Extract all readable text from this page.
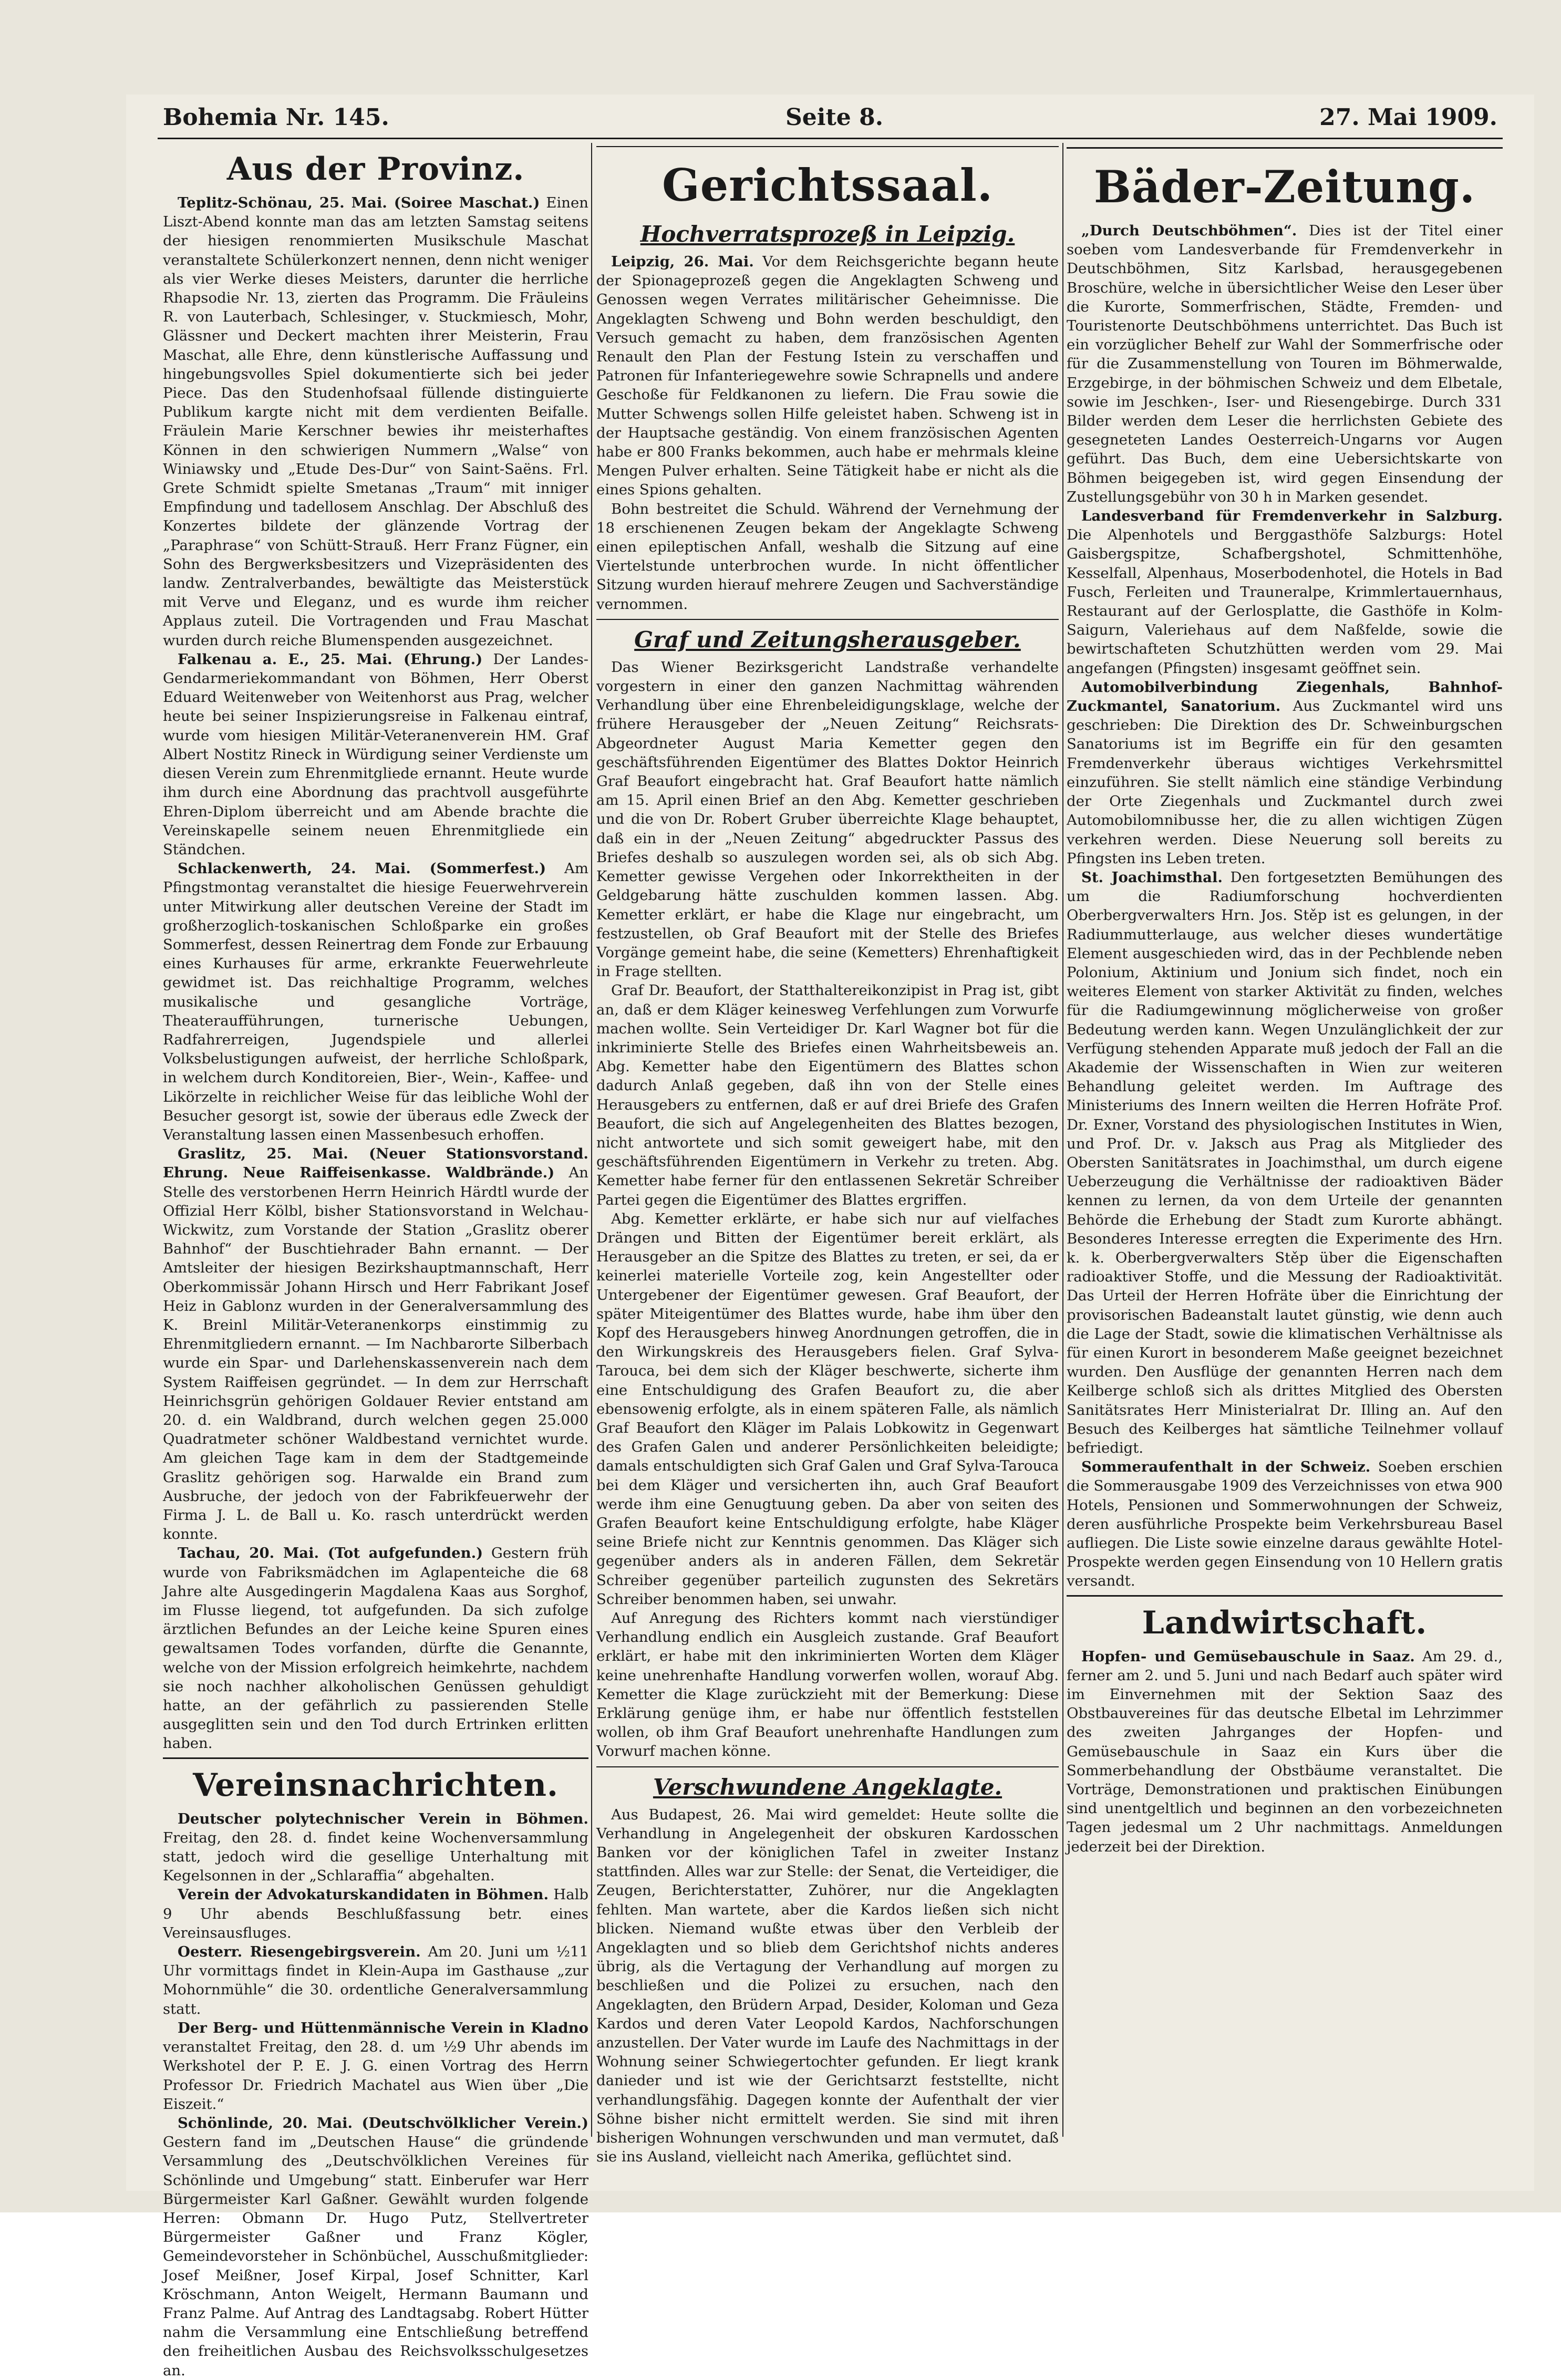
Bohemia Nr. 145.	Seite 8.	27. Mai 1909.
Aus der Provinz.

Teplitz-Schönau, 25. Mai. (Soiree Maschat.) Einen Liszt-Abend konnte man das am letzten Samstag seitens der hiesigen renommierten Musikschule Maschat veranstaltete Schülerkonzert nennen, denn nicht weniger als vier Werke dieses Meisters, darunter die herrliche Rhapsodie Nr. 13, zierten das Programm. Die Fräuleins R. von Lauterbach, Schlesinger, v. Stuckmiesch, Mohr, Glässner und Deckert machten ihrer Meisterin, Frau Maschat, alle Ehre, denn künstlerische Auffassung und hingebungsvolles Spiel dokumentierte sich bei jeder Piece. Das den Studenhofsaal füllende distinguierte Publikum kargte nicht mit dem verdienten Beifalle. Fräulein Marie Kerschner bewies ihr meisterhaftes Können in den schwierigen Nummern „Walse“ von Winiawsky und „Etude Des-Dur“ von Saint-Saëns. Frl. Grete Schmidt spielte Smetanas „Traum“ mit inniger Empfindung und tadellosem Anschlag. Der Abschluß des Konzertes bildete der glänzende Vortrag der „Paraphrase“ von Schütt-Strauß. Herr Franz Fügner, ein Sohn des Bergwerksbesitzers und Vizepräsidenten des landw. Zentralverbandes, bewältigte das Meisterstück mit Verve und Eleganz, und es wurde ihm reicher Applaus zuteil. Die Vortragenden und Frau Maschat wurden durch reiche Blumenspenden ausgezeichnet.

Falkenau a. E., 25. Mai. (Ehrung.) Der Landes-Gendarmeriekommandant von Böhmen, Herr Oberst Eduard Weitenweber von Weitenhorst aus Prag, welcher heute bei seiner Inspizierungsreise in Falkenau eintraf, wurde vom hiesigen Militär-Veteranenverein HM. Graf Albert Nostitz Rineck in Würdigung seiner Verdienste um diesen Verein zum Ehrenmitgliede ernannt. Heute wurde ihm durch eine Abordnung das prachtvoll ausgeführte Ehren-Diplom überreicht und am Abende brachte die Vereinskapelle seinem neuen Ehrenmitgliede ein Ständchen.

Schlackenwerth, 24. Mai. (Sommerfest.) Am Pfingstmontag veranstaltet die hiesige Feuerwehrverein unter Mitwirkung aller deutschen Vereine der Stadt im großherzoglich-toskanischen Schloßparke ein großes Sommerfest, dessen Reinertrag dem Fonde zur Erbauung eines Kurhauses für arme, erkrankte Feuerwehrleute gewidmet ist. Das reichhaltige Programm, welches musikalische und gesangliche Vorträge, Theateraufführungen, turnerische Uebungen, Radfahrerreigen, Jugendspiele und allerlei Volksbelustigungen aufweist, der herrliche Schloßpark, in welchem durch Konditoreien, Bier-, Wein-, Kaffee- und Likörzelte in reichlicher Weise für das leibliche Wohl der Besucher gesorgt ist, sowie der überaus edle Zweck der Veranstaltung lassen einen Massenbesuch erhoffen.

Graslitz, 25. Mai. (Neuer Stationsvorstand. Ehrung. Neue Raiffeisenkasse. Waldbrände.) An Stelle des verstorbenen Herrn Heinrich Härdtl wurde der Offizial Herr Kölbl, bisher Stationsvorstand in Welchau-Wickwitz, zum Vorstande der Station „Graslitz oberer Bahnhof“ der Buschtiehrader Bahn ernannt. — Der Amtsleiter der hiesigen Bezirkshauptmannschaft, Herr Oberkommissär Johann Hirsch und Herr Fabrikant Josef Heiz in Gablonz wurden in der Generalversammlung des K. Breinl Militär-Veteranenkorps einstimmig zu Ehrenmitgliedern ernannt. — Im Nachbarorte Silberbach wurde ein Spar- und Darlehenskassenverein nach dem System Raiffeisen gegründet. — In dem zur Herrschaft Heinrichsgrün gehörigen Goldauer Revier entstand am 20. d. ein Waldbrand, durch welchen gegen 25.000 Quadratmeter schöner Waldbestand vernichtet wurde. Am gleichen Tage kam in dem der Stadtgemeinde Graslitz gehörigen sog. Harwalde ein Brand zum Ausbruche, der jedoch von der Fabrikfeuerwehr der Firma J. L. de Ball u. Ko. rasch unterdrückt werden konnte.

Tachau, 20. Mai. (Tot aufgefunden.) Gestern früh wurde von Fabriksmädchen im Aglapenteiche die 68 Jahre alte Ausgedingerin Magdalena Kaas aus Sorghof, im Flusse liegend, tot aufgefunden. Da sich zufolge ärztlichen Befundes an der Leiche keine Spuren eines gewaltsamen Todes vorfanden, dürfte die Genannte, welche von der Mission erfolgreich heimkehrte, nachdem sie noch nachher alkoholischen Genüssen gehuldigt hatte, an der gefährlich zu passierenden Stelle ausgeglitten sein und den Tod durch Ertrinken erlitten haben.

Vereinsnachrichten.

Deutscher polytechnischer Verein in Böhmen. Freitag, den 28. d. findet keine Wochenversammlung statt, jedoch wird die gesellige Unterhaltung mit Kegelsonnen in der „Schlaraffia“ abgehalten.

Verein der Advokaturskandidaten in Böhmen. Halb 9 Uhr abends Beschlußfassung betr. eines Vereinsausfluges.

Oesterr. Riesengebirgsverein. Am 20. Juni um ½11 Uhr vormittags findet in Klein-Aupa im Gasthause „zur Mohornmühle“ die 30. ordentliche Generalversammlung statt.

Der Berg- und Hüttenmännische Verein in Kladno veranstaltet Freitag, den 28. d. um ½9 Uhr abends im Werkshotel der P. E. J. G. einen Vortrag des Herrn Professor Dr. Friedrich Machatel aus Wien über „Die Eiszeit.“

Schönlinde, 20. Mai. (Deutschvölklicher Verein.) Gestern fand im „Deutschen Hause“ die gründende Versammlung des „Deutschvölklichen Vereines für Schönlinde und Umgebung“ statt. Einberufer war Herr Bürgermeister Karl Gaßner. Gewählt wurden folgende Herren: Obmann Dr. Hugo Putz, Stellvertreter Bürgermeister Gaßner und Franz Kögler, Gemeindevorsteher in Schönbüchel, Ausschußmitglieder: Josef Meißner, Josef Kirpal, Josef Schnitter, Karl Kröschmann, Anton Weigelt, Hermann Baumann und Franz Palme. Auf Antrag des Landtagsabg. Robert Hütter nahm die Versammlung eine Entschließung betreffend den freiheitlichen Ausbau des Reichsvolksschulgesetzes an.

Gerichtssaal.
Hochverratsprozeß in Leipzig.

Leipzig, 26. Mai. Vor dem Reichsgerichte begann heute der Spionageprozeß gegen die Angeklagten Schweng und Genossen wegen Verrates militärischer Geheimnisse. Die Angeklagten Schweng und Bohn werden beschuldigt, den Versuch gemacht zu haben, dem französischen Agenten Renault den Plan der Festung Istein zu verschaffen und Patronen für Infanteriegewehre sowie Schrapnells und andere Geschoße für Feldkanonen zu liefern. Die Frau sowie die Mutter Schwengs sollen Hilfe geleistet haben. Schweng ist in der Hauptsache geständig. Von einem französischen Agenten habe er 800 Franks bekommen, auch habe er mehrmals kleine Mengen Pulver erhalten. Seine Tätigkeit habe er nicht als die eines Spions gehalten.

Bohn bestreitet die Schuld. Während der Vernehmung der 18 erschienenen Zeugen bekam der Angeklagte Schweng einen epileptischen Anfall, weshalb die Sitzung auf eine Viertelstunde unterbrochen wurde. In nicht öffentlicher Sitzung wurden hierauf mehrere Zeugen und Sachverständige vernommen.

Graf und Zeitungsherausgeber.

Das Wiener Bezirksgericht Landstraße verhandelte vorgestern in einer den ganzen Nachmittag währenden Verhandlung über eine Ehrenbeleidigungsklage, welche der frühere Herausgeber der „Neuen Zeitung“ Reichsrats-Abgeordneter August Maria Kemetter gegen den geschäftsführenden Eigentümer des Blattes Doktor Heinrich Graf Beaufort eingebracht hat. Graf Beaufort hatte nämlich am 15. April einen Brief an den Abg. Kemetter geschrieben und die von Dr. Robert Gruber überreichte Klage behauptet, daß ein in der „Neuen Zeitung“ abgedruckter Passus des Briefes deshalb so auszulegen worden sei, als ob sich Abg. Kemetter gewisse Vergehen oder Inkorrektheiten in der Geldgebarung hätte zuschulden kommen lassen. Abg. Kemetter erklärt, er habe die Klage nur eingebracht, um festzustellen, ob Graf Beaufort mit der Stelle des Briefes Vorgänge gemeint habe, die seine (Kemetters) Ehrenhaftigkeit in Frage stellten.

Graf Dr. Beaufort, der Statthaltereikonzipist in Prag ist, gibt an, daß er dem Kläger keinesweg Verfehlungen zum Vorwurfe machen wollte. Sein Verteidiger Dr. Karl Wagner bot für die inkriminierte Stelle des Briefes einen Wahrheitsbeweis an. Abg. Kemetter habe den Eigentümern des Blattes schon dadurch Anlaß gegeben, daß ihn von der Stelle eines Herausgebers zu entfernen, daß er auf drei Briefe des Grafen Beaufort, die sich auf Angelegenheiten des Blattes bezogen, nicht antwortete und sich somit geweigert habe, mit den geschäftsführenden Eigentümern in Verkehr zu treten. Abg. Kemetter habe ferner für den entlassenen Sekretär Schreiber Partei gegen die Eigentümer des Blattes ergriffen.

Abg. Kemetter erklärte, er habe sich nur auf vielfaches Drängen und Bitten der Eigentümer bereit erklärt, als Herausgeber an die Spitze des Blattes zu treten, er sei, da er keinerlei materielle Vorteile zog, kein Angestellter oder Untergebener der Eigentümer gewesen. Graf Beaufort, der später Miteigentümer des Blattes wurde, habe ihm über den Kopf des Herausgebers hinweg Anordnungen getroffen, die in den Wirkungskreis des Herausgebers fielen. Graf Sylva-Tarouca, bei dem sich der Kläger beschwerte, sicherte ihm eine Entschuldigung des Grafen Beaufort zu, die aber ebensowenig erfolgte, als in einem späteren Falle, als nämlich Graf Beaufort den Kläger im Palais Lobkowitz in Gegenwart des Grafen Galen und anderer Persönlichkeiten beleidigte; damals entschuldigten sich Graf Galen und Graf Sylva-Tarouca bei dem Kläger und versicherten ihn, auch Graf Beaufort werde ihm eine Genugtuung geben. Da aber von seiten des Grafen Beaufort keine Entschuldigung erfolgte, habe Kläger seine Briefe nicht zur Kenntnis genommen. Das Kläger sich gegenüber anders als in anderen Fällen, dem Sekretär Schreiber gegenüber parteilich zugunsten des Sekretärs Schreiber benommen haben, sei unwahr.

Auf Anregung des Richters kommt nach vierstündiger Verhandlung endlich ein Ausgleich zustande. Graf Beaufort erklärt, er habe mit den inkriminierten Worten dem Kläger keine unehrenhafte Handlung vorwerfen wollen, worauf Abg. Kemetter die Klage zurückzieht mit der Bemerkung: Diese Erklärung genüge ihm, er habe nur öffentlich feststellen wollen, ob ihm Graf Beaufort unehrenhafte Handlungen zum Vorwurf machen könne.

Verschwundene Angeklagte.

Aus Budapest, 26. Mai wird gemeldet: Heute sollte die Verhandlung in Angelegenheit der obskuren Kardosschen Banken vor der königlichen Tafel in zweiter Instanz stattfinden. Alles war zur Stelle: der Senat, die Verteidiger, die Zeugen, Berichterstatter, Zuhörer, nur die Angeklagten fehlten. Man wartete, aber die Kardos ließen sich nicht blicken. Niemand wußte etwas über den Verbleib der Angeklagten und so blieb dem Gerichtshof nichts anderes übrig, als die Vertagung der Verhandlung auf morgen zu beschließen und die Polizei zu ersuchen, nach den Angeklagten, den Brüdern Arpad, Desider, Koloman und Geza Kardos und deren Vater Leopold Kardos, Nachforschungen anzustellen. Der Vater wurde im Laufe des Nachmittags in der Wohnung seiner Schwiegertochter gefunden. Er liegt krank danieder und ist wie der Gerichtsarzt feststellte, nicht verhandlungsfähig. Dagegen konnte der Aufenthalt der vier Söhne bisher nicht ermittelt werden. Sie sind mit ihren bisherigen Wohnungen verschwunden und man vermutet, daß sie ins Ausland, vielleicht nach Amerika, geflüchtet sind.

Bäder-Zeitung.

„Durch Deutschböhmen“. Dies ist der Titel einer soeben vom Landesverbande für Fremdenverkehr in Deutschböhmen, Sitz Karlsbad, herausgegebenen Broschüre, welche in übersichtlicher Weise den Leser über die Kurorte, Sommerfrischen, Städte, Fremden- und Touristenorte Deutschböhmens unterrichtet. Das Buch ist ein vorzüglicher Behelf zur Wahl der Sommerfrische oder für die Zusammenstellung von Touren im Böhmerwalde, Erzgebirge, in der böhmischen Schweiz und dem Elbetale, sowie im Jeschken-, Iser- und Riesengebirge. Durch 331 Bilder werden dem Leser die herrlichsten Gebiete des gesegneteten Landes Oesterreich-Ungarns vor Augen geführt. Das Buch, dem eine Uebersichtskarte von Böhmen beigegeben ist, wird gegen Einsendung der Zustellungsgebühr von 30 h in Marken gesendet.

Landesverband für Fremdenverkehr in Salzburg. Die Alpenhotels und Berggasthöfe Salzburgs: Hotel Gaisbergspitze, Schafbergshotel, Schmittenhöhe, Kesselfall, Alpenhaus, Moserbodenhotel, die Hotels in Bad Fusch, Ferleiten und Trauneralpe, Krimmlertauernhaus, Restaurant auf der Gerlosplatte, die Gasthöfe in Kolm-Saigurn, Valeriehaus auf dem Naßfelde, sowie die bewirtschafteten Schutzhütten werden vom 29. Mai angefangen (Pfingsten) insgesamt geöffnet sein.

Automobilverbindung Ziegenhals, Bahnhof-Zuckmantel, Sanatorium. Aus Zuckmantel wird uns geschrieben: Die Direktion des Dr. Schweinburgschen Sanatoriums ist im Begriffe ein für den gesamten Fremdenverkehr überaus wichtiges Verkehrsmittel einzuführen. Sie stellt nämlich eine ständige Verbindung der Orte Ziegenhals und Zuckmantel durch zwei Automobilomnibusse her, die zu allen wichtigen Zügen verkehren werden. Diese Neuerung soll bereits zu Pfingsten ins Leben treten.

St. Joachimsthal. Den fortgesetzten Bemühungen des um die Radiumforschung hochverdienten Oberbergverwalters Hrn. Jos. Stěp ist es gelungen, in der Radiummutterlauge, aus welcher dieses wundertätige Element ausgeschieden wird, das in der Pechblende neben Polonium, Aktinium und Jonium sich findet, noch ein weiteres Element von starker Aktivität zu finden, welches für die Radiumgewinnung möglicherweise von großer Bedeutung werden kann. Wegen Unzulänglichkeit der zur Verfügung stehenden Apparate muß jedoch der Fall an die Akademie der Wissenschaften in Wien zur weiteren Behandlung geleitet werden. Im Auftrage des Ministeriums des Innern weilten die Herren Hofräte Prof. Dr. Exner, Vorstand des physiologischen Institutes in Wien, und Prof. Dr. v. Jaksch aus Prag als Mitglieder des Obersten Sanitätsrates in Joachimsthal, um durch eigene Ueberzeugung die Verhältnisse der radioaktiven Bäder kennen zu lernen, da von dem Urteile der genannten Behörde die Erhebung der Stadt zum Kurorte abhängt. Besonderes Interesse erregten die Experimente des Hrn. k. k. Oberbergverwalters Stěp über die Eigenschaften radioaktiver Stoffe, und die Messung der Radioaktivität. Das Urteil der Herren Hofräte über die Einrichtung der provisorischen Badeanstalt lautet günstig, wie denn auch die Lage der Stadt, sowie die klimatischen Verhältnisse als für einen Kurort in besonderem Maße geeignet bezeichnet wurden. Den Ausflüge der genannten Herren nach dem Keilberge schloß sich als drittes Mitglied des Obersten Sanitätsrates Herr Ministerialrat Dr. Illing an. Auf den Besuch des Keilberges hat sämtliche Teilnehmer vollauf befriedigt.

Sommeraufenthalt in der Schweiz. Soeben erschien die Sommerausgabe 1909 des Verzeichnisses von etwa 900 Hotels, Pensionen und Sommerwohnungen der Schweiz, deren ausführliche Prospekte beim Verkehrsbureau Basel aufliegen. Die Liste sowie einzelne daraus gewählte Hotel-Prospekte werden gegen Einsendung von 10 Hellern gratis versandt.

Landwirtschaft.

Hopfen- und Gemüsebauschule in Saaz. Am 29. d., ferner am 2. und 5. Juni und nach Bedarf auch später wird im Einvernehmen mit der Sektion Saaz des Obstbauvereines für das deutsche Elbetal im Lehrzimmer des zweiten Jahrganges der Hopfen- und Gemüsebauschule in Saaz ein Kurs über die Sommerbehandlung der Obstbäume veranstaltet. Die Vorträge, Demonstrationen und praktischen Einübungen sind unentgeltlich und beginnen an den vorbezeichneten Tagen jedesmal um 2 Uhr nachmittags. Anmeldungen jederzeit bei der Direktion.
